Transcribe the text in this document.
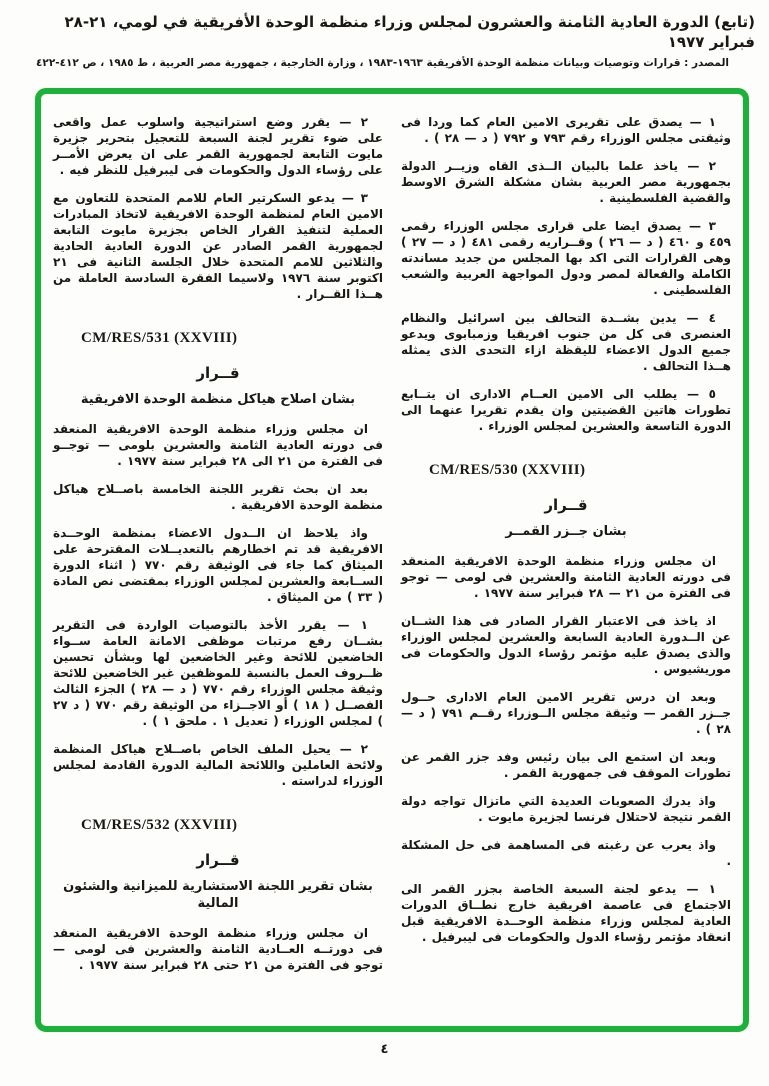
(تابع) الدورة العادية الثامنة والعشرون لمجلس وزراء منظمة الوحدة الأفريقية في لومي، ٢١-٢٨ فبراير ١٩٧٧
المصدر : قرارات وتوصيات وبيانات منظمة الوحدة الأفريقية ١٩٦٣-١٩٨٣ ، وزارة الخارجية ، جمهورية مصر العربية ، ط ١٩٨٥ ، ص ٤١٢-٤٢٢

١ — يصدق على تقريرى الامين العام كما وردا فى وثيقتى مجلس الوزراء رقم ٧٩٣ و ٧٩٢ ( د — ٢٨ ) .

٢ — ياخذ علما بالبيان الــذى القاه وزيــر الدولة بجمهورية مصر العربية بشان مشكلة الشرق الاوسط والقضية الفلسطينية .

٣ — يصدق ايضا على قرارى مجلس الوزراء رقمى ٤٥٩ و ٤٦٠ ( د — ٢٦ ) وقــراريه رقمى ٤٨١ ( د — ٢٧ ) وهى القرارات التى اكد بها المجلس من جديد مساندته الكاملة والفعالة لمصر ودول المواجهة العربية والشعب الفلسطينى .

٤ — يدين بشــدة التحالف بين اسرائيل والنظام العنصرى فى كل من جنوب افريقيا وزمبابوى ويدعو جميع الدول الاعضاء لليقظة ازاء التحدى الذى يمثله هــذا التحالف .

٥ — يطلب الى الامين العــام الادارى ان يتــابع تطورات هاتين القضيتين وان يقدم تقريرا عنهما الى الدورة التاسعة والعشرين لمجلس الوزراء .

CM/RES/530 (XXVIII)
قــرار
بشان جــزر القمــر

ان مجلس وزراء منظمة الوحدة الافريقية المنعقد فى دورته العادية الثامنة والعشرين فى لومى — توجو فى الفترة من ٢١ — ٢٨ فبراير سنة ١٩٧٧ .

اذ ياخذ فى الاعتبار القرار الصادر فى هذا الشــان عن الــدورة العادية السابعة والعشرين لمجلس الوزراء والذى يصدق عليه مؤتمر رؤساء الدول والحكومات فى موريشيوس .

وبعد ان درس تقرير الامين العام الادارى حــول جــزر القمر — وثيقة مجلس الــوزراء رقــم ٧٩١ ( د — ٢٨ ) .

وبعد ان استمع الى بيان رئيس وفد جزر القمر عن تطورات الموقف فى جمهورية القمر .

واذ يدرك الصعوبات العديدة التي ماتزال تواجه دولة القمر نتيجة لاحتلال فرنسا لجزيرة مايوت .

واذ يعرب عن رغبته فى المساهمة فى حل المشكلة .

١ — يدعو لجنة السبعة الخاصة بجزر القمر الى الاجتماع فى عاصمة افريقية خارج نطــاق الدورات العادية لمجلس وزراء منظمة الوحــدة الافريقية قبل انعقاد مؤتمر رؤساء الدول والحكومات فى ليبرفيل .

٢ — يقرر وضع استراتيجية واسلوب عمل واقعى على ضوء تقرير لجنة السبعة للتعجيل بتحرير جزيرة مايوت التابعة لجمهورية القمر على ان يعرض الأمــر على رؤساء الدول والحكومات فى ليبرفيل للنظر فيه .

٣ — يدعو السكرتير العام للامم المتحدة للتعاون مع الامين العام لمنظمة الوحدة الافريقية لاتخاذ المبادرات العملية لتنفيذ القرار الخاص بجزيرة مايوت التابعة لجمهورية القمر الصادر عن الدورة العادية الحادية والثلاثين للامم المتحدة خلال الجلسة الثانية فى ٢١ اكتوبر سنة ١٩٧٦ ولاسيما الفقرة السادسة العاملة من هــذا القــرار .

CM/RES/531 (XXVIII)
قــرار
بشان اصلاح هياكل منظمة الوحدة الافريقية

ان مجلس وزراء منظمة الوحدة الافريقية المنعقد فى دورته العادية الثامنة والعشرين بلومى — توجــو فى الفترة من ٢١ الى ٢٨ فبراير سنة ١٩٧٧ .

بعد ان بحث تقرير اللجنة الخامسة باصــلاح هياكل منظمة الوحدة الافريقية .

واذ يلاحظ ان الــدول الاعضاء بمنظمة الوحــدة الافريقية قد تم اخطارهم بالتعديــلات المقترحة على الميثاق كما جاء فى الوثيقة رقم ٧٧٠ ( اثناء الدورة الســابعة والعشرين لمجلس الوزراء بمقتضى نص المادة ( ٣٣ ) من الميثاق .

١ — يقرر الأخذ بالتوصيات الواردة فى التقرير بشــان رفع مرتبات موظفى الامانة العامة ســواء الخاضعين للائحة وغير الخاضعين لها وبشأن تحسين ظــروف العمل بالنسبة للموظفين غير الخاضعين للائحة وثيقة مجلس الوزراء رقم ٧٧٠ ( د — ٢٨ ) الجزء الثالث الفصــل ( ١٨ ) أو الاجــزاء من الوثيقة رقم ٧٧٠ ( د ٢٧ ) لمجلس الوزراء ( تعديل ١ . ملحق ١ ) .

٢ — يحيل الملف الخاص باصــلاح هياكل المنظمة ولائحة العاملين واللائحة المالية الدورة القادمة لمجلس الوزراء لدراسته .

CM/RES/532 (XXVIII)
قــرار
بشان تقرير اللجنة الاستشارية للميزانية والشئون المالية

ان مجلس وزراء منظمة الوحدة الافريقية المنعقد فى دورتــه العــادية الثامنة والعشرين فى لومى — توجو فى الفترة من ٢١ حتى ٢٨ فبراير سنة ١٩٧٧ .

٤
